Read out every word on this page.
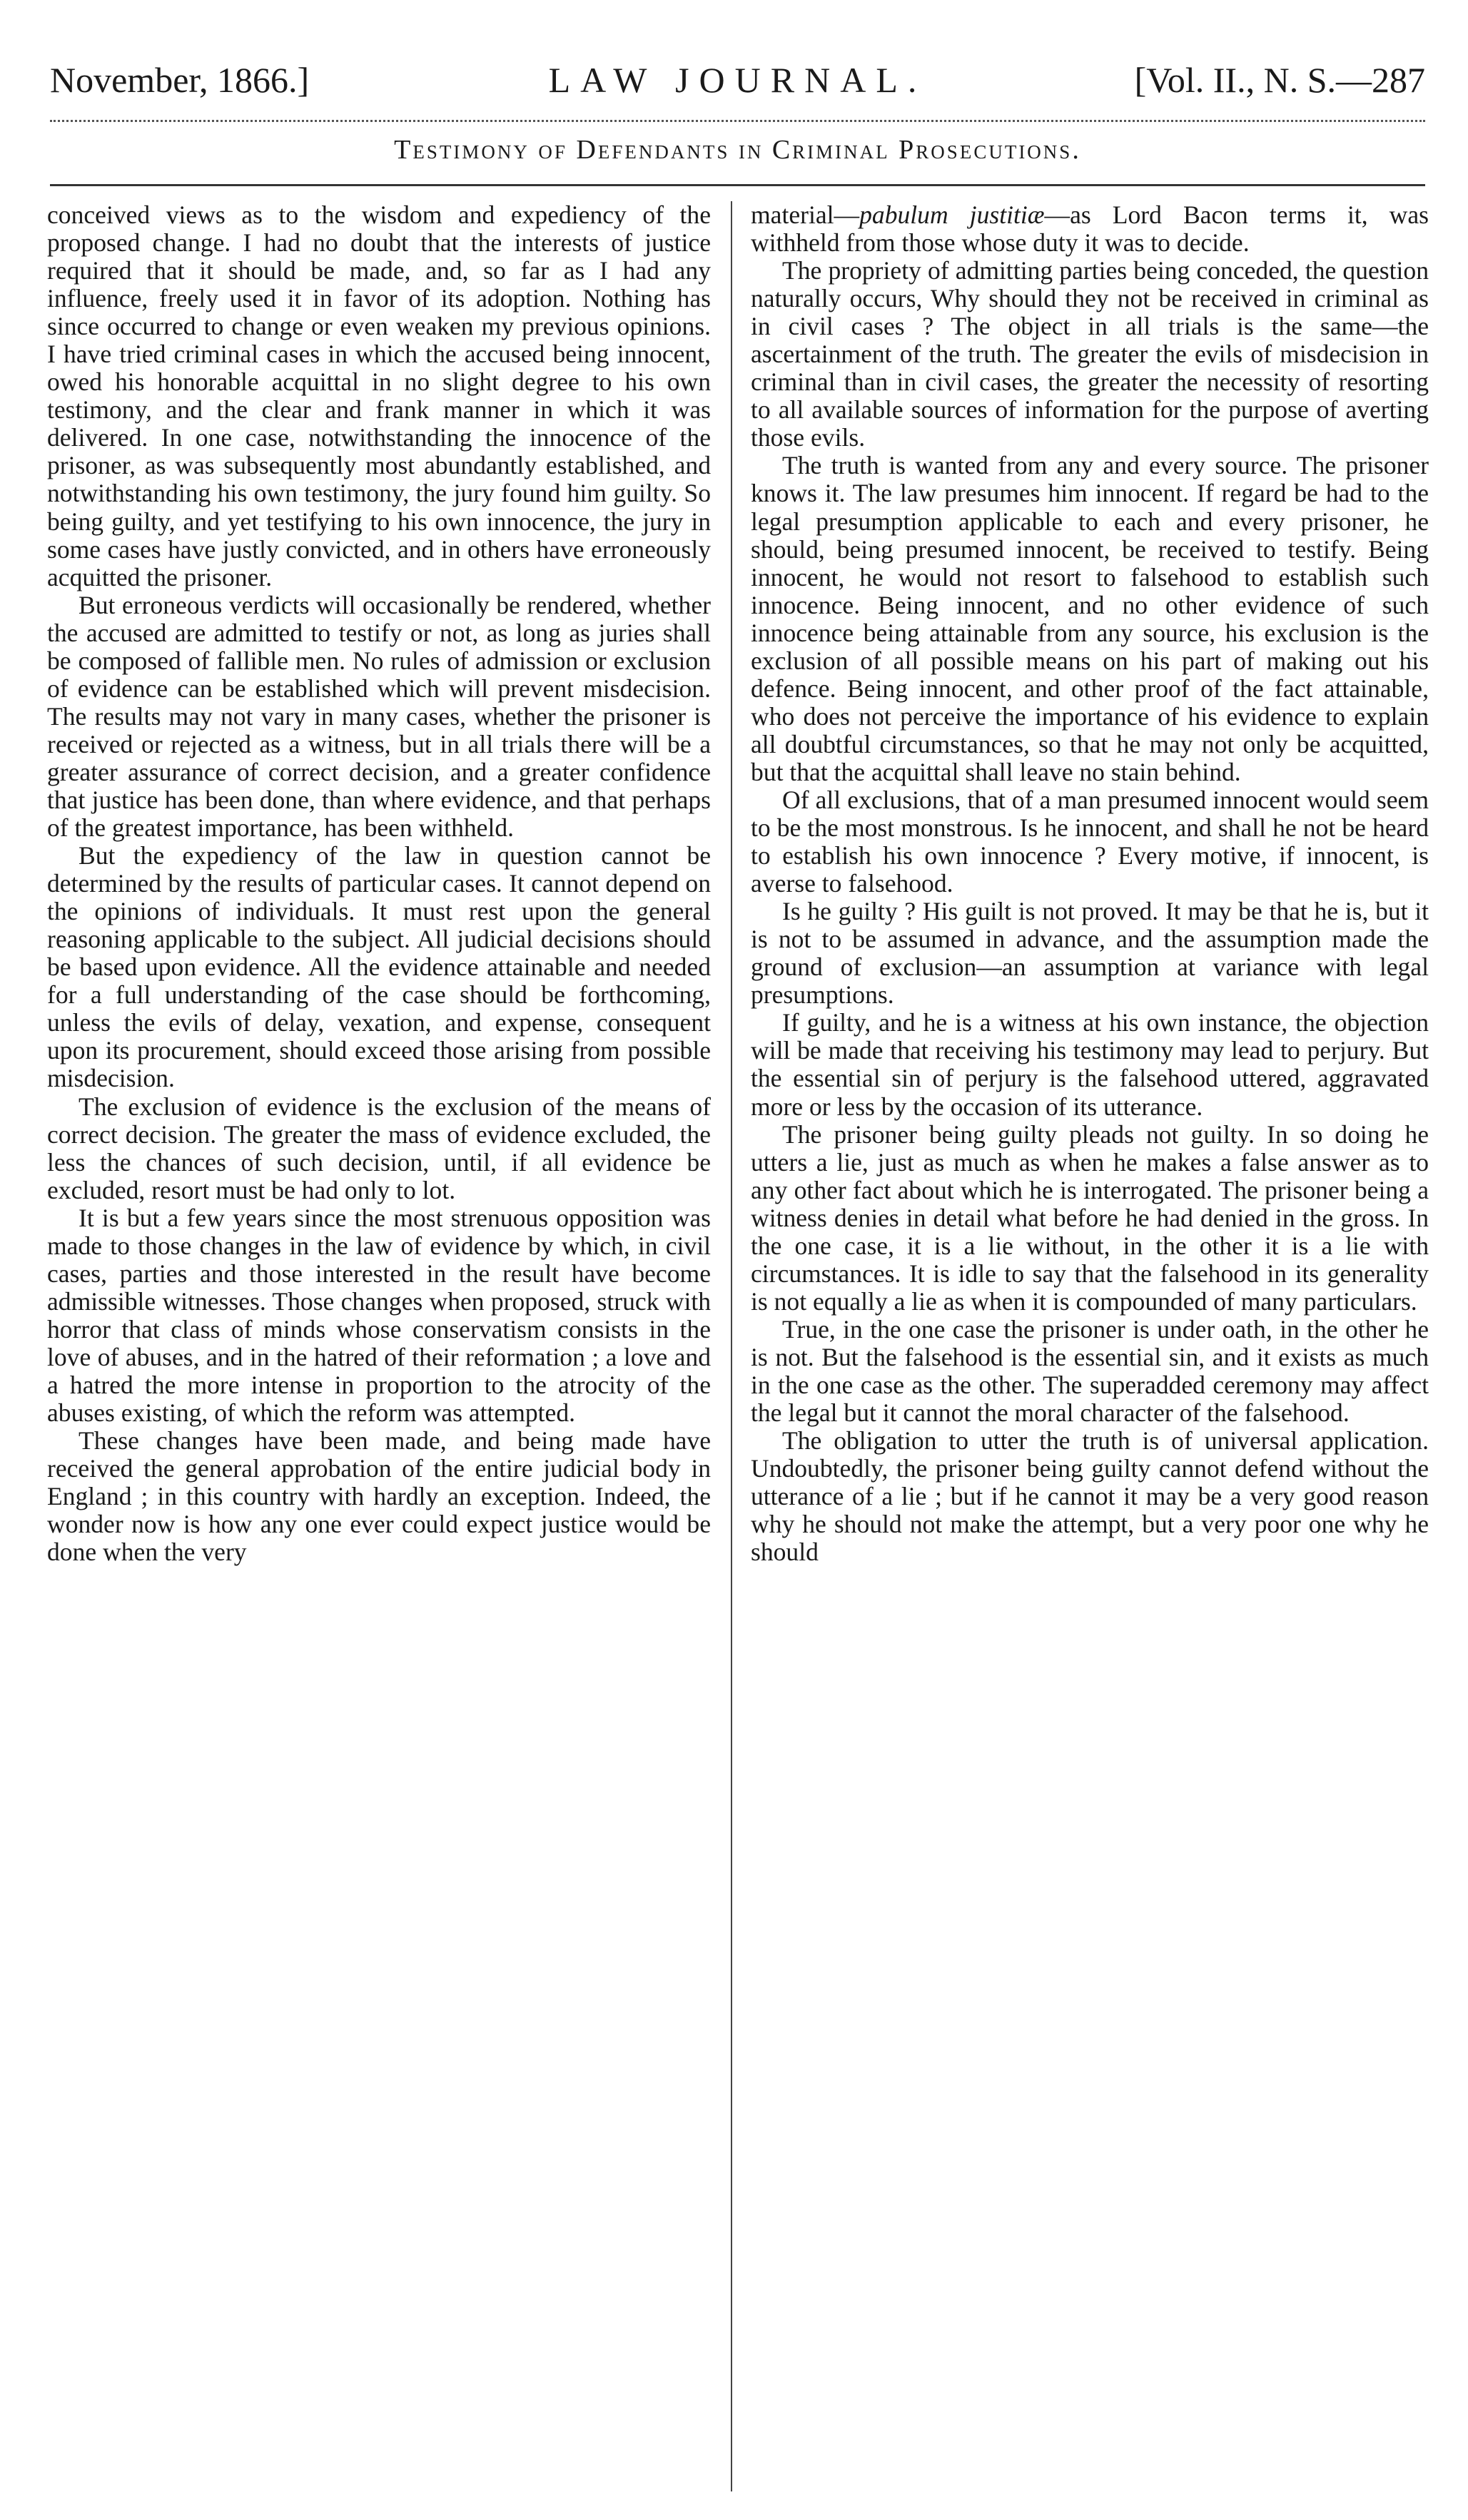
November, 1866.]	LAW JOURNAL.	[Vol. II., N. S.—287
Testimony of Defendants in Criminal Prosecutions.

conceived views as to the wisdom and expediency of the proposed change. I had no doubt that the interests of justice required that it should be made, and, so far as I had any influence, freely used it in favor of its adoption. Nothing has since occurred to change or even weaken my previous opinions. I have tried criminal cases in which the accused being innocent, owed his honorable acquittal in no slight degree to his own testimony, and the clear and frank manner in which it was delivered. In one case, notwithstanding the innocence of the prisoner, as was subsequently most abundantly established, and notwithstanding his own testimony, the jury found him guilty. So being guilty, and yet testifying to his own innocence, the jury in some cases have justly convicted, and in others have erroneously acquitted the prisoner.

But erroneous verdicts will occasionally be rendered, whether the accused are admitted to testify or not, as long as juries shall be composed of fallible men. No rules of admission or exclusion of evidence can be established which will prevent misdecision. The results may not vary in many cases, whether the prisoner is received or rejected as a witness, but in all trials there will be a greater assurance of correct decision, and a greater confidence that justice has been done, than where evidence, and that perhaps of the greatest importance, has been withheld.

But the expediency of the law in question cannot be determined by the results of particular cases. It cannot depend on the opinions of individuals. It must rest upon the general reasoning applicable to the subject. All judicial decisions should be based upon evidence. All the evidence attainable and needed for a full understanding of the case should be forthcoming, unless the evils of delay, vexation, and expense, consequent upon its procurement, should exceed those arising from possible misdecision.

The exclusion of evidence is the exclusion of the means of correct decision. The greater the mass of evidence excluded, the less the chances of such decision, until, if all evidence be excluded, resort must be had only to lot.

It is but a few years since the most strenuous opposition was made to those changes in the law of evidence by which, in civil cases, parties and those interested in the result have become admissible witnesses. Those changes when proposed, struck with horror that class of minds whose conservatism consists in the love of abuses, and in the hatred of their reformation ; a love and a hatred the more intense in proportion to the atrocity of the abuses existing, of which the reform was attempted.

These changes have been made, and being made have received the general approbation of the entire judicial body in England ; in this country with hardly an exception. Indeed, the wonder now is how any one ever could expect justice would be done when the very

material—pabulum justitiæ—as Lord Bacon terms it, was withheld from those whose duty it was to decide.

The propriety of admitting parties being conceded, the question naturally occurs, Why should they not be received in criminal as in civil cases ? The object in all trials is the same—the ascertainment of the truth. The greater the evils of misdecision in criminal than in civil cases, the greater the necessity of resorting to all available sources of information for the purpose of averting those evils.

The truth is wanted from any and every source. The prisoner knows it. The law presumes him innocent. If regard be had to the legal presumption applicable to each and every prisoner, he should, being presumed innocent, be received to testify. Being innocent, he would not resort to falsehood to establish such innocence. Being innocent, and no other evidence of such innocence being attainable from any source, his exclusion is the exclusion of all possible means on his part of making out his defence. Being innocent, and other proof of the fact attainable, who does not perceive the importance of his evidence to explain all doubtful circumstances, so that he may not only be acquitted, but that the acquittal shall leave no stain behind.

Of all exclusions, that of a man presumed innocent would seem to be the most monstrous. Is he innocent, and shall he not be heard to establish his own innocence ? Every motive, if innocent, is averse to falsehood.

Is he guilty ? His guilt is not proved. It may be that he is, but it is not to be assumed in advance, and the assumption made the ground of exclusion—an assumption at variance with legal presumptions.

If guilty, and he is a witness at his own instance, the objection will be made that receiving his testimony may lead to perjury. But the essential sin of perjury is the falsehood uttered, aggravated more or less by the occasion of its utterance.

The prisoner being guilty pleads not guilty. In so doing he utters a lie, just as much as when he makes a false answer as to any other fact about which he is interrogated. The prisoner being a witness denies in detail what before he had denied in the gross. In the one case, it is a lie without, in the other it is a lie with circumstances. It is idle to say that the falsehood in its generality is not equally a lie as when it is compounded of many particulars.

True, in the one case the prisoner is under oath, in the other he is not. But the falsehood is the essential sin, and it exists as much in the one case as the other. The superadded ceremony may affect the legal but it cannot the moral character of the falsehood.

The obligation to utter the truth is of universal application. Undoubtedly, the prisoner being guilty cannot defend without the utterance of a lie ; but if he cannot it may be a very good reason why he should not make the attempt, but a very poor one why he should
